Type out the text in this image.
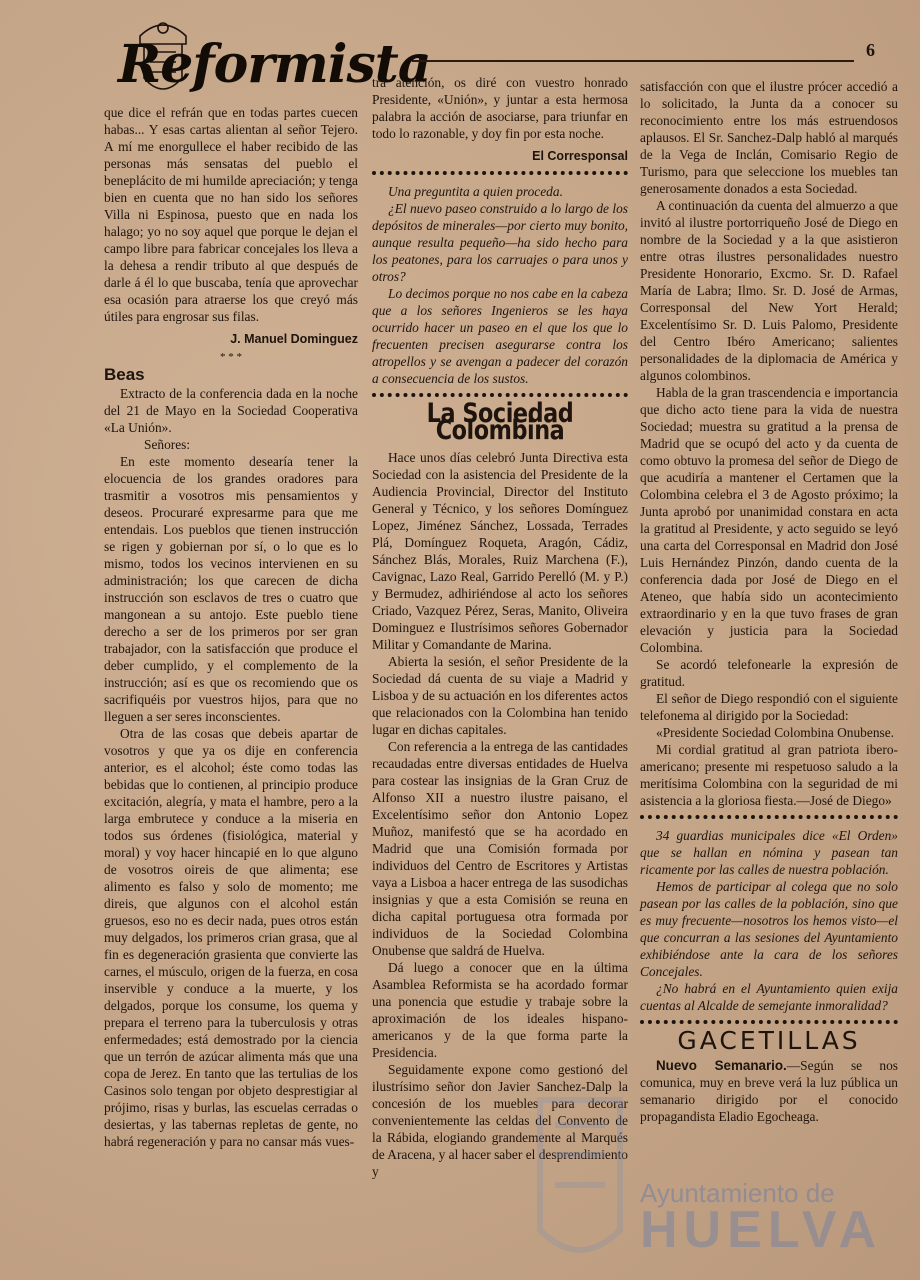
Reformista	6

que dice el refrán que en todas partes cuecen habas... Y esas cartas alientan al señor Tejero. A mí me enorgullece el haber recibido de las personas más sensatas del pueblo el beneplácito de mi humilde apreciación; y tenga bien en cuenta que no han sido los señores Villa ni Espinosa, puesto que en nada los halago; yo no soy aquel que porque le dejan el campo libre para fabricar concejales los lleva a la dehesa a rendir tributo al que después de darle á él lo que buscaba, tenía que aprovechar esa ocasión para atraerse los que creyó más útiles para engrosar sus filas.

J. Manuel Dominguez
* * *
Beas

Extracto de la conferencia dada en la noche del 21 de Mayo en la Sociedad Cooperativa «La Unión».

Señores:

En este momento desearía tener la elocuencia de los grandes oradores para trasmitir a vosotros mis pensamientos y deseos. Procuraré expresarme para que me entendais. Los pueblos que tienen instrucción se rigen y gobiernan por sí, o lo que es lo mismo, todos los vecinos intervienen en su administración; los que carecen de dicha instrucción son esclavos de tres o cuatro que mangonean a su antojo. Este pueblo tiene derecho a ser de los primeros por ser gran trabajador, con la satisfacción que produce el deber cumplido, y el complemento de la instrucción; así es que os recomiendo que os sacrifiquéis por vuestros hijos, para que no lleguen a ser seres inconscientes.

Otra de las cosas que debeis apartar de vosotros y que ya os dije en conferencia anterior, es el alcohol; éste como todas las bebidas que lo contienen, al principio produce excitación, alegría, y mata el hambre, pero a la larga embrutece y conduce a la miseria en todos sus órdenes (fisiológica, material y moral) y voy hacer hincapié en lo que alguno de vosotros oireis de que alimenta; ese alimento es falso y solo de momento; me direis, que algunos con el alcohol están gruesos, eso no es decir nada, pues otros están muy delgados, los primeros crian grasa, que al fin es degeneración grasienta que convierte las carnes, el músculo, origen de la fuerza, en cosa inservible y conduce a la muerte, y los delgados, porque los consume, los quema y prepara el terreno para la tuberculosis y otras enfermedades; está demostrado por la ciencia que un terrón de azúcar alimenta más que una copa de Jerez. En tanto que las tertulias de los Casinos solo tengan por objeto desprestigiar al prójimo, risas y burlas, las escuelas cerradas o desiertas, y las tabernas repletas de gente, no habrá regeneración y para no cansar más vues-

tra atención, os diré con vuestro honrado Presidente, «Unión», y juntar a esta hermosa palabra la acción de asociarse, para triunfar en todo lo razonable, y doy fin por esta noche.

El Corresponsal

Una preguntita a quien proceda.

¿El nuevo paseo construido a lo largo de los depósitos de minerales—por cierto muy bonito, aunque resulta pequeño—ha sido hecho para los peatones, para los carruajes o para unos y otros?

Lo decimos porque no nos cabe en la cabeza que a los señores Ingenieros se les haya ocurrido hacer un paseo en el que los que lo frecuenten precisen asegurarse contra los atropellos y se avengan a padecer del corazón a consecuencia de los sustos.

La Sociedad Colombina

Hace unos días celebró Junta Directiva esta Sociedad con la asistencia del Presidente de la Audiencia Provincial, Director del Instituto General y Técnico, y los señores Domínguez Lopez, Jiménez Sánchez, Lossada, Terrades Plá, Domínguez Roqueta, Aragón, Cádiz, Sánchez Blás, Morales, Ruiz Marchena (F.), Cavignac, Lazo Real, Garrido Perelló (M. y P.) y Bermudez, adhiriéndose al acto los señores Criado, Vazquez Pérez, Seras, Manito, Oliveira Dominguez e Ilustrísimos señores Gobernador Militar y Comandante de Marina.

Abierta la sesión, el señor Presidente de la Sociedad dá cuenta de su viaje a Madrid y Lisboa y de su actuación en los diferentes actos que relacionados con la Colombina han tenido lugar en dichas capitales.

Con referencia a la entrega de las cantidades recaudadas entre diversas entidades de Huelva para costear las insignias de la Gran Cruz de Alfonso XII a nuestro ilustre paisano, el Excelentísimo señor don Antonio Lopez Muñoz, manifestó que se ha acordado en Madrid que una Comisión formada por individuos del Centro de Escritores y Artistas vaya a Lisboa a hacer entrega de las susodichas insignias y que a esta Comisión se reuna en dicha capital portuguesa otra formada por individuos de la Sociedad Colombina Onubense que saldrá de Huelva.

Dá luego a conocer que en la última Asamblea Reformista se ha acordado formar una ponencia que estudie y trabaje sobre la aproximación de los ideales hispano-americanos y de la que forma parte la Presidencia.

Seguidamente expone como gestionó del ilustrísimo señor don Javier Sanchez-Dalp la concesión de los muebles para decorar convenientemente las celdas del Convento de la Rábida, elogiando grandemente al Marqués de Aracena, y al hacer saber el desprendimiento y

satisfacción con que el ilustre prócer accedió a lo solicitado, la Junta da a conocer su reconocimiento entre los más estruendosos aplausos. El Sr. Sanchez-Dalp habló al marqués de la Vega de Inclán, Comisario Regio de Turismo, para que seleccione los muebles tan generosamente donados a esta Sociedad.

A continuación da cuenta del almuerzo a que invitó al ilustre portorriqueño José de Diego en nombre de la Sociedad y a la que asistieron entre otras ilustres personalidades nuestro Presidente Honorario, Excmo. Sr. D. Rafael María de Labra; Ilmo. Sr. D. José de Armas, Corresponsal del New Yort Herald; Excelentísimo Sr. D. Luis Palomo, Presidente del Centro Ibéro Americano; salientes personalidades de la diplomacia de América y algunos colombinos.

Habla de la gran trascendencia e importancia que dicho acto tiene para la vida de nuestra Sociedad; muestra su gratitud a la prensa de Madrid que se ocupó del acto y da cuenta de como obtuvo la promesa del señor de Diego de que acudiría a mantener el Certamen que la Colombina celebra el 3 de Agosto próximo; la Junta aprobó por unanimidad constara en acta la gratitud al Presidente, y acto seguido se leyó una carta del Corresponsal en Madrid don José Luis Hernández Pinzón, dando cuenta de la conferencia dada por José de Diego en el Ateneo, que había sido un acontecimiento extraordinario y en la que tuvo frases de gran elevación y justicia para la Sociedad Colombina.

Se acordó telefonearle la expresión de gratitud.

El señor de Diego respondió con el siguiente telefonema al dirigido por la Sociedad:

«Presidente Sociedad Colombina Onubense.

Mi cordial gratitud al gran patriota ibero-americano; presente mi respetuoso saludo a la meritísima Colombina con la seguridad de mi asistencia a la gloriosa fiesta.—José de Diego»

34 guardias municipales dice «El Orden» que se hallan en nómina y pasean tan ricamente por las calles de nuestra población.

Hemos de participar al colega que no solo pasean por las calles de la población, sino que es muy frecuente—nosotros los hemos visto—el que concurran a las sesiones del Ayuntamiento exhibiéndose ante la cara de los señores Concejales.

¿No habrá en el Ayuntamiento quien exija cuentas al Alcalde de semejante inmoralidad?

GACETILLAS

Nuevo Semanario.—Según se nos comunica, muy en breve verá la luz pública un semanario dirigido por el conocido propagandista Eladio Egocheaga.

Ayuntamiento de
HUELVA
